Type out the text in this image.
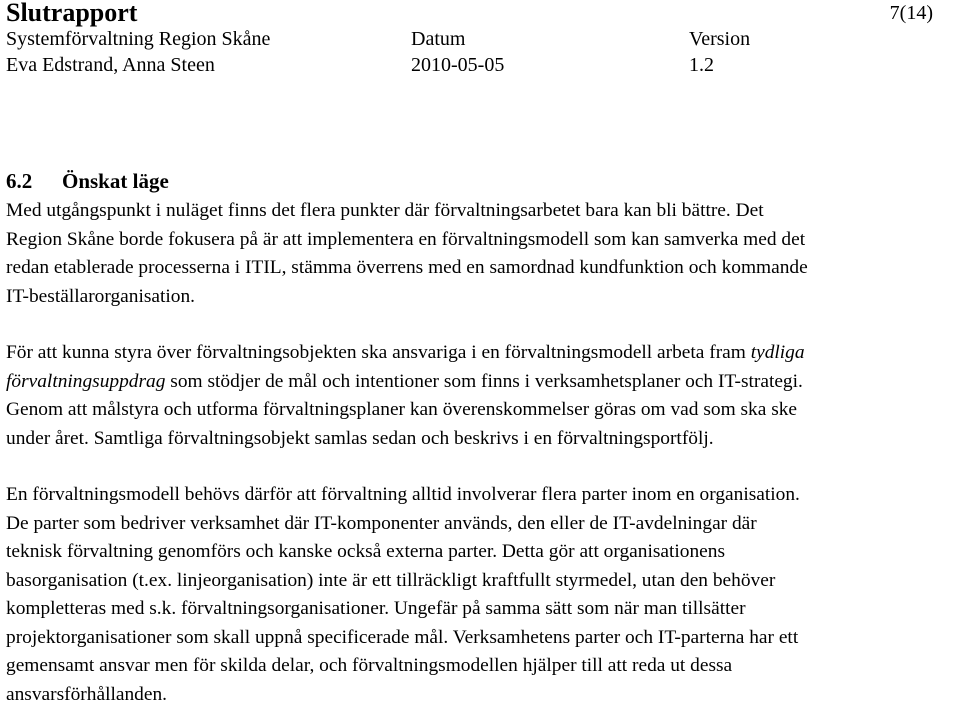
Slutrapport	7(14)
Systemförvaltning Region Skåne	Datum	Version
Eva Edstrand, Anna Steen	2010-05-05	1.2
6.2 Önskat läge

Med utgångspunkt i nuläget finns det flera punkter där förvaltningsarbetet bara kan bli bättre. Det
Region Skåne borde fokusera på är att implementera en förvaltningsmodell som kan samverka med det
redan etablerade processerna i ITIL, stämma överrens med en samordnad kundfunktion och kommande
IT-beställarorganisation.

För att kunna styra över förvaltningsobjekten ska ansvariga i en förvaltningsmodell arbeta fram tydliga
förvaltningsuppdrag som stödjer de mål och intentioner som finns i verksamhetsplaner och IT-strategi.
Genom att målstyra och utforma förvaltningsplaner kan överenskommelser göras om vad som ska ske
under året. Samtliga förvaltningsobjekt samlas sedan och beskrivs i en förvaltningsportfölj.

En förvaltningsmodell behövs därför att förvaltning alltid involverar flera parter inom en organisation.
De parter som bedriver verksamhet där IT-komponenter används, den eller de IT-avdelningar där
teknisk förvaltning genomförs och kanske också externa parter. Detta gör att organisationens
basorganisation (t.ex. linjeorganisation) inte är ett tillräckligt kraftfullt styrmedel, utan den behöver
kompletteras med s.k. förvaltningsorganisationer. Ungefär på samma sätt som när man tillsätter
projektorganisationer som skall uppnå specificerade mål. Verksamhetens parter och IT-parterna har ett
gemensamt ansvar men för skilda delar, och förvaltningsmodellen hjälper till att reda ut dessa
ansvarsförhållanden.
